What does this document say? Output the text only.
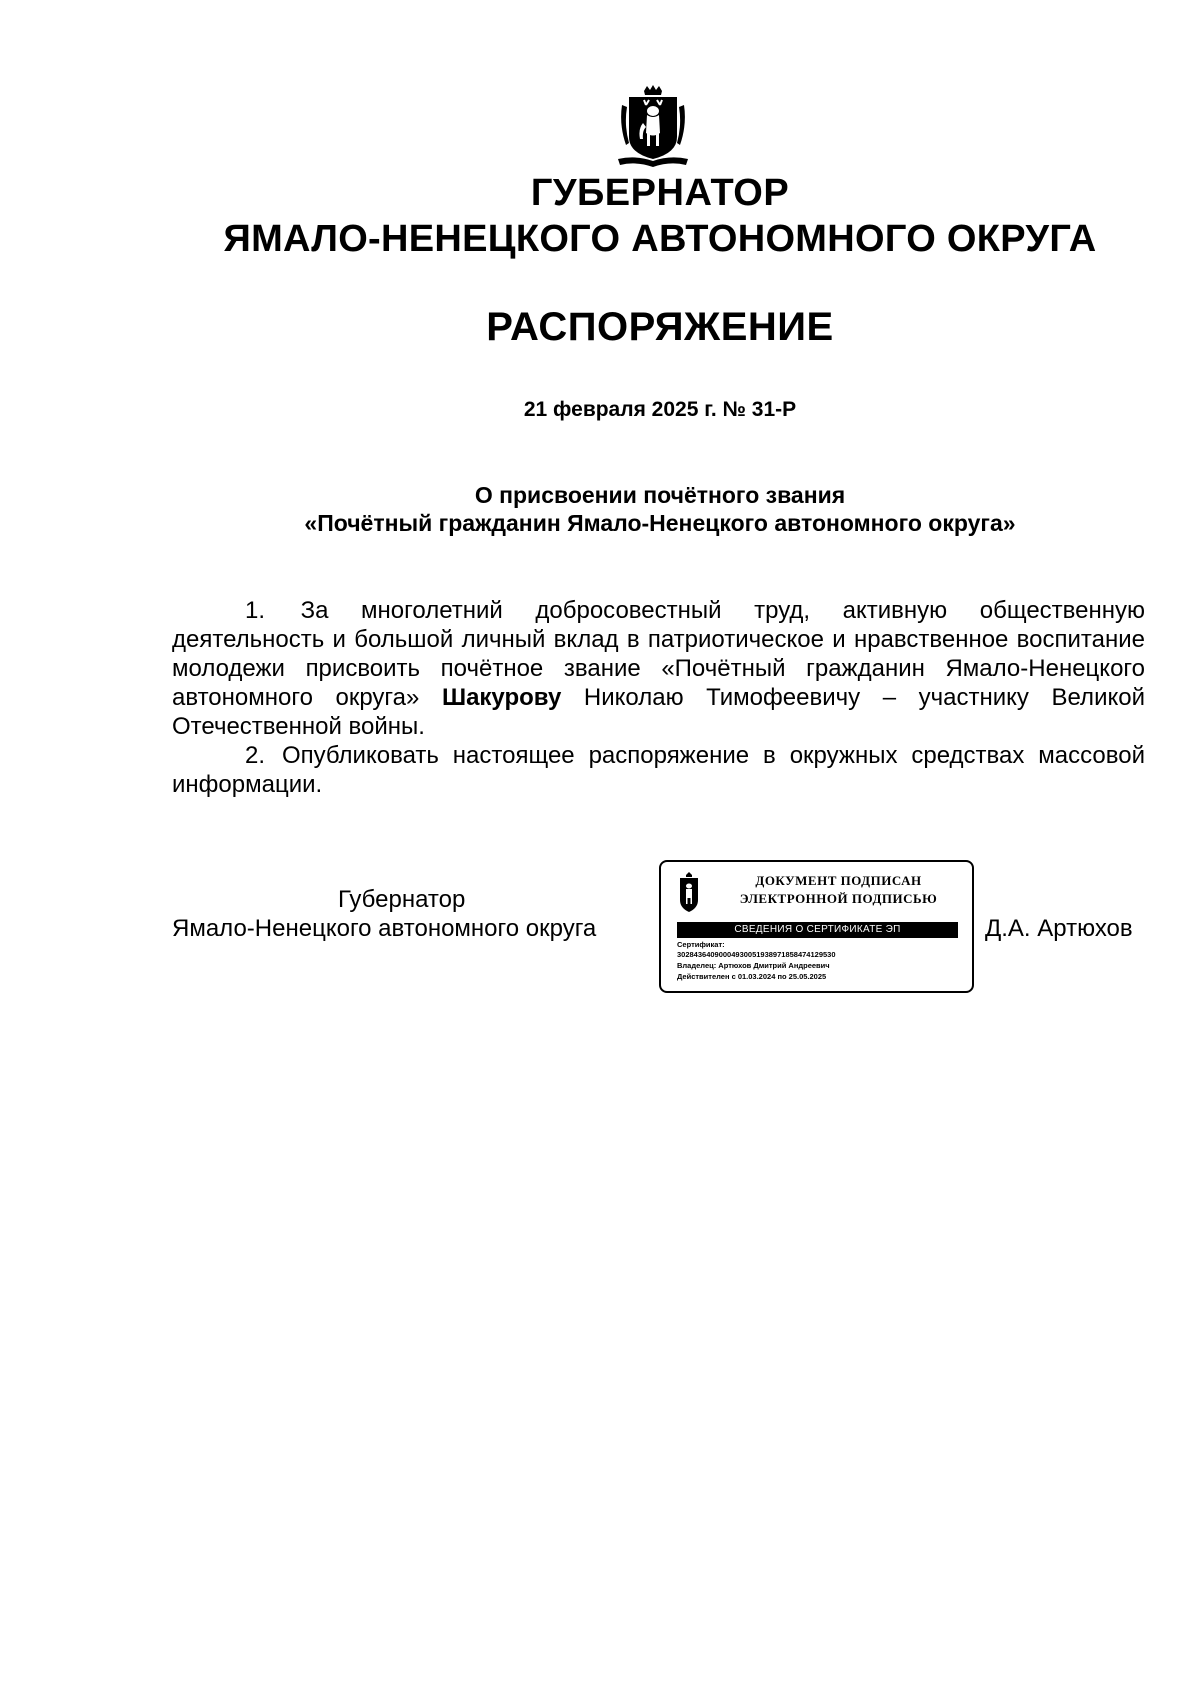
ГУБЕРНАТОР
ЯМАЛО-НЕНЕЦКОГО АВТОНОМНОГО ОКРУГА
РАСПОРЯЖЕНИЕ
21 февраля 2025 г. № 31-Р
О присвоении почётного звания
«Почётный гражданин Ямало-Ненецкого автономного округа»

1. За многолетний добросовестный труд, активную общественную деятельность и большой личный вклад в патриотическое и нравственное воспитание молодежи присвоить почётное звание «Почётный гражданин Ямало-Ненецкого автономного округа» Шакурову Николаю Тимофеевичу – участнику Великой Отечественной войны.

2. Опубликовать настоящее распоряжение в окружных средствах массовой информации.

Губернатор
Ямало-Ненецкого автономного округа
ДОКУМЕНТ ПОДПИСАН
ЭЛЕКТРОННОЙ ПОДПИСЬЮ
СВЕДЕНИЯ О СЕРТИФИКАТЕ ЭП
Сертификат:
30284364090004930051938971858474129530
Владелец: Артюхов Дмитрий Андреевич
Действителен с 01.03.2024 по 25.05.2025
Д.А. Артюхов
